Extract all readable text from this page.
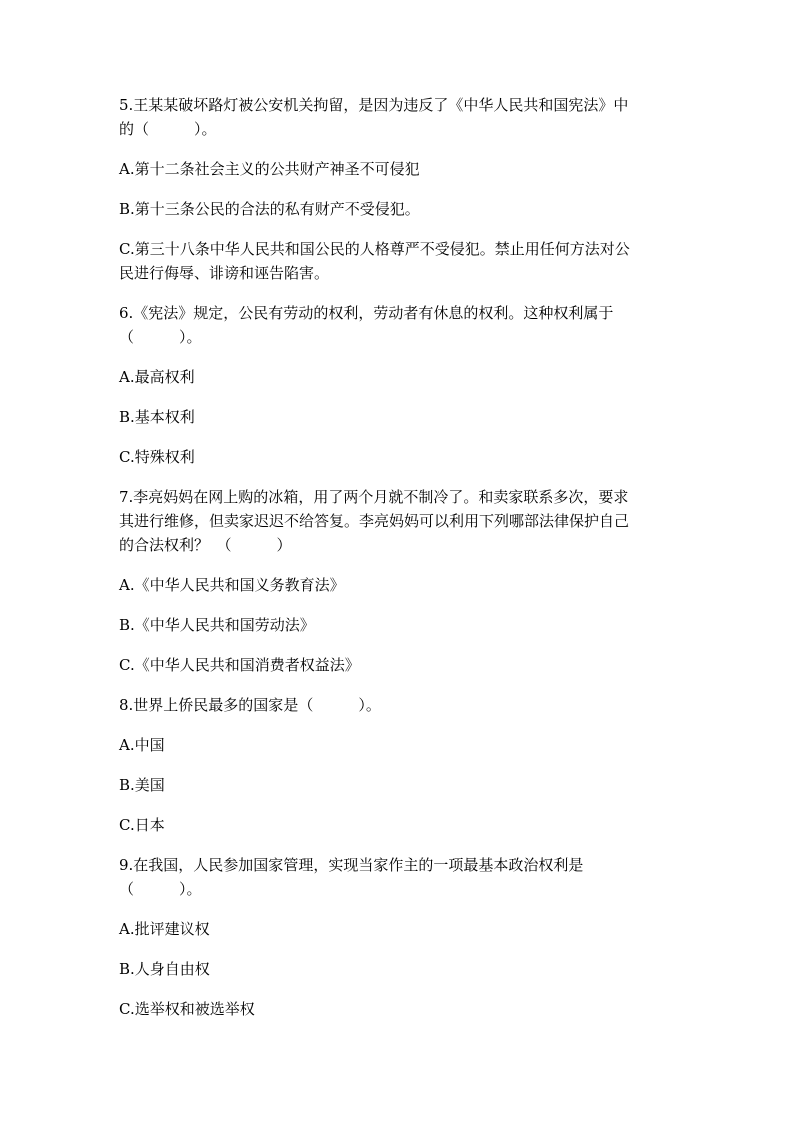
5.王某某破坏路灯被公安机关拘留，是因为违反了《中华人民共和国宪法》中
的（　　　）。
A.第十二条社会主义的公共财产神圣不可侵犯
B.第十三条公民的合法的私有财产不受侵犯。
C.第三十八条中华人民共和国公民的人格尊严不受侵犯。禁止用任何方法对公
民进行侮辱、诽谤和诬告陷害。
6.《宪法》规定，公民有劳动的权利，劳动者有休息的权利。这种权利属于
（　　　）。
A.最高权利
B.基本权利
C.特殊权利
7.李亮妈妈在网上购的冰箱，用了两个月就不制冷了。和卖家联系多次，要求
其进行维修，但卖家迟迟不给答复。李亮妈妈可以利用下列哪部法律保护自己
的合法权利？　（　　　）
A.《中华人民共和国义务教育法》
B.《中华人民共和国劳动法》
C.《中华人民共和国消费者权益法》
8.世界上侨民最多的国家是（　　　）。
A.中国
B.美国
C.日本
9.在我国，人民参加国家管理，实现当家作主的一项最基本政治权利是
（　　　）。
A.批评建议权
B.人身自由权
C.选举权和被选举权
